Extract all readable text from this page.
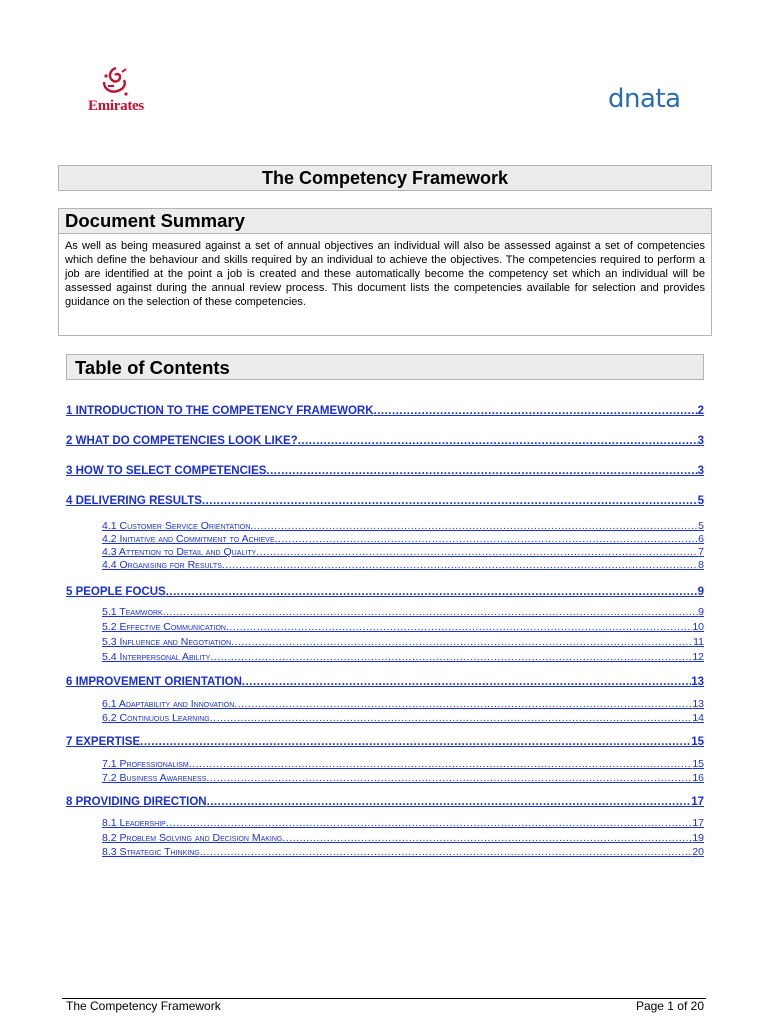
Emirates	dnata
The Competency Framework
Document Summary

As well as being measured against a set of annual objectives an individual will also be assessed against a set of competencies which define the behaviour and skills required by an individual to achieve the objectives. The competencies required to perform a job are identified at the point a job is created and these automatically become the competency set which an individual will be assessed against during the annual review process. This document lists the competencies available for selection and provides guidance on the selection of these competencies.

Table of Contents
1 INTRODUCTION TO THE COMPETENCY FRAMEWORK .....	2
2 WHAT DO COMPETENCIES LOOK LIKE? .....	3
3 HOW TO SELECT COMPETENCIES .....	3
4 DELIVERING RESULTS .....	5
4.1 Customer Service Orientation .....	5
4.2 Initiative and Commitment to Achieve .....	6
4.3 Attention to Detail and Quality .....	7
4.4 Organising for Results .....	8
5 PEOPLE FOCUS .....	9
5.1 Teamwork .....	9
5.2 Effective Communication .....	10
5.3 Influence and Negotiation .....	11
5.4 Interpersonal Ability .....	12
6 IMPROVEMENT ORIENTATION .....	13
6.1 Adaptability and Innovation .....	13
6.2 Continuous Learning .....	14
7 EXPERTISE .....	15
7.1 Professionalism .....	15
7.2 Business Awareness .....	16
8 PROVIDING DIRECTION .....	17
8.1 Leadership .....	17
8.2 Problem Solving and Decision Making .....	19
8.3 Strategic Thinking .....	20
The Competency Framework	Page 1 of 20
